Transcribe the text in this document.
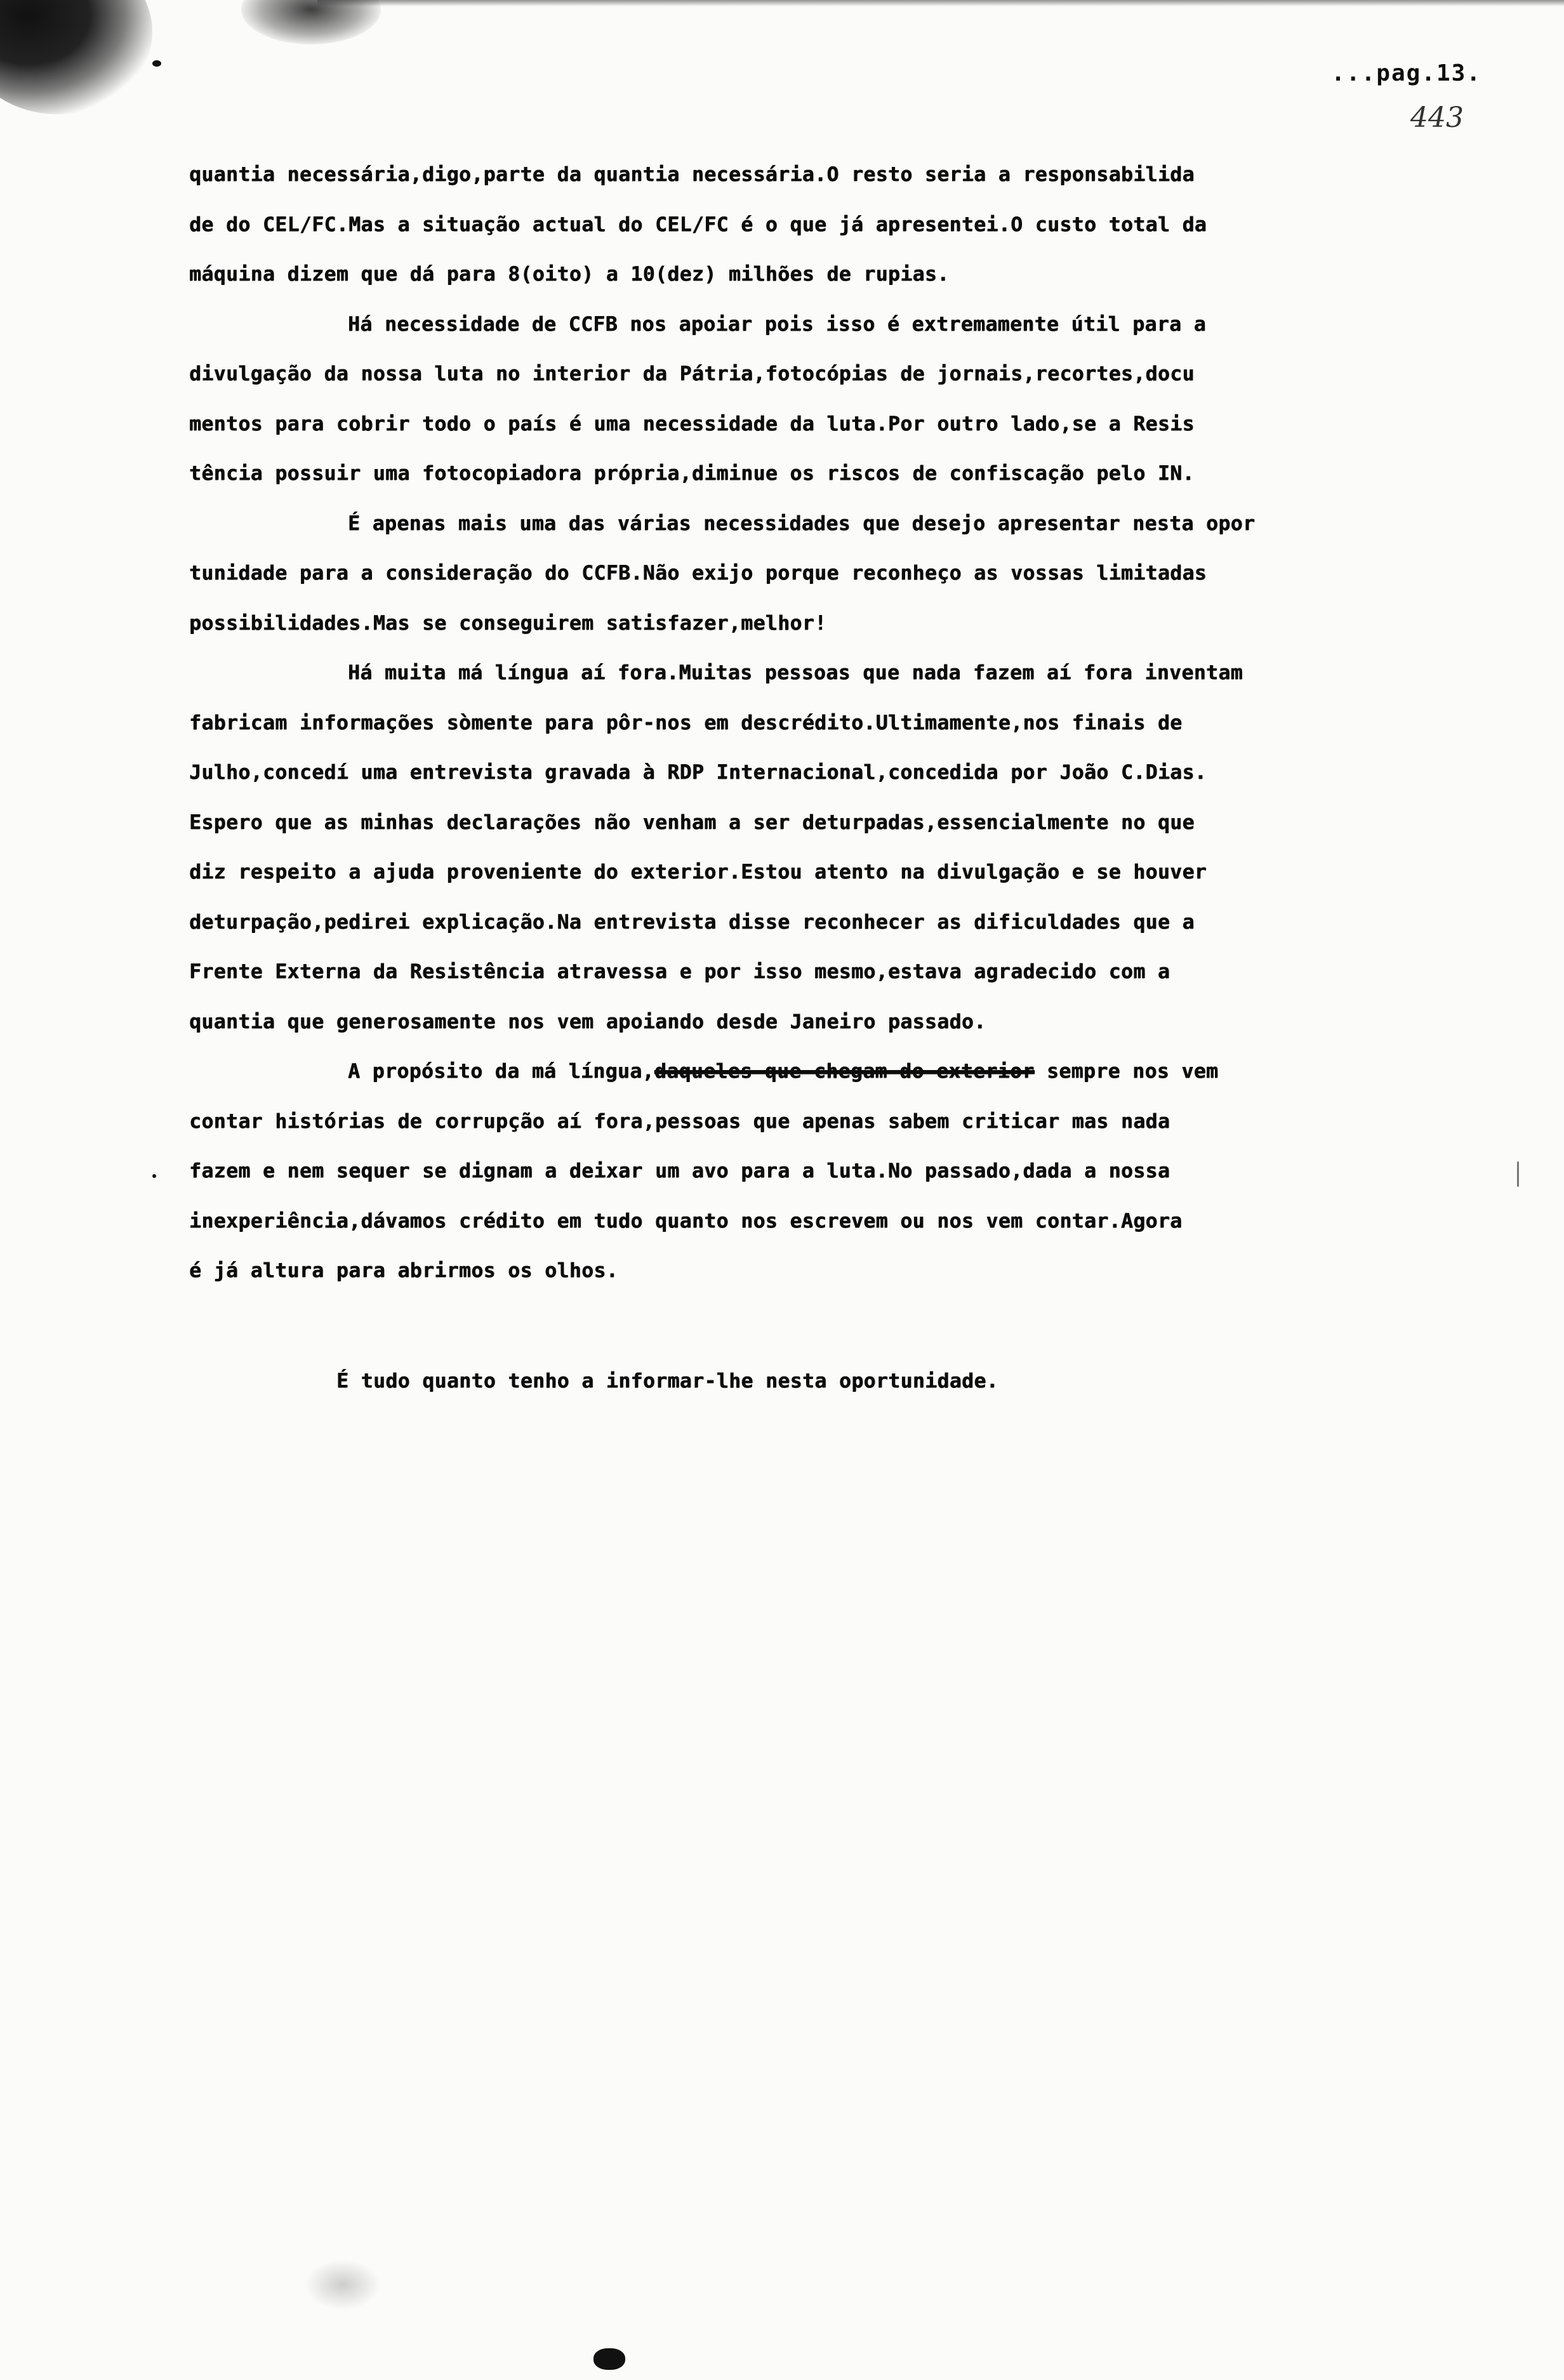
...pag.13.
443
quantia necessária,digo,parte da quantia necessária.O resto seria a responsabilida
de do CEL/FC.Mas a situação actual do CEL/FC é o que já apresentei.O custo total da
máquina dizem que dá para 8(oito) a 10(dez) milhões de rupias.
Há necessidade de CCFB nos apoiar pois isso é extremamente útil para a
divulgação da nossa luta no interior da Pátria,fotocópias de jornais,recortes,docu
mentos para cobrir todo o país é uma necessidade da luta.Por outro lado,se a Resis
tência possuir uma fotocopiadora própria,diminue os riscos de confiscação pelo IN.
É apenas mais uma das várias necessidades que desejo apresentar nesta opor
tunidade para a consideração do CCFB.Não exijo porque reconheço as vossas limitadas
possibilidades.Mas se conseguirem satisfazer,melhor!
Há muita má língua aí fora.Muitas pessoas que nada fazem aí fora inventam
fabricam informações sòmente para pôr-nos em descrédito.Ultimamente,nos finais de
Julho,concedí uma entrevista gravada à RDP Internacional,concedida por João C.Dias.
Espero que as minhas declarações não venham a ser deturpadas,essencialmente no que
diz respeito a ajuda proveniente do exterior.Estou atento na divulgação e se houver
deturpação,pedirei explicação.Na entrevista disse reconhecer as dificuldades que a
Frente Externa da Resistência atravessa e por isso mesmo,estava agradecido com a
quantia que generosamente nos vem apoiando desde Janeiro passado.
A propósito da má língua,daqueles que chegam do exterior sempre nos vem
contar histórias de corrupção aí fora,pessoas que apenas sabem criticar mas nada
fazem e nem sequer se dignam a deixar um avo para a luta.No passado,dada a nossa
inexperiência,dávamos crédito em tudo quanto nos escrevem ou nos vem contar.Agora
é já altura para abrirmos os olhos.
É tudo quanto tenho a informar-lhe nesta oportunidade.
